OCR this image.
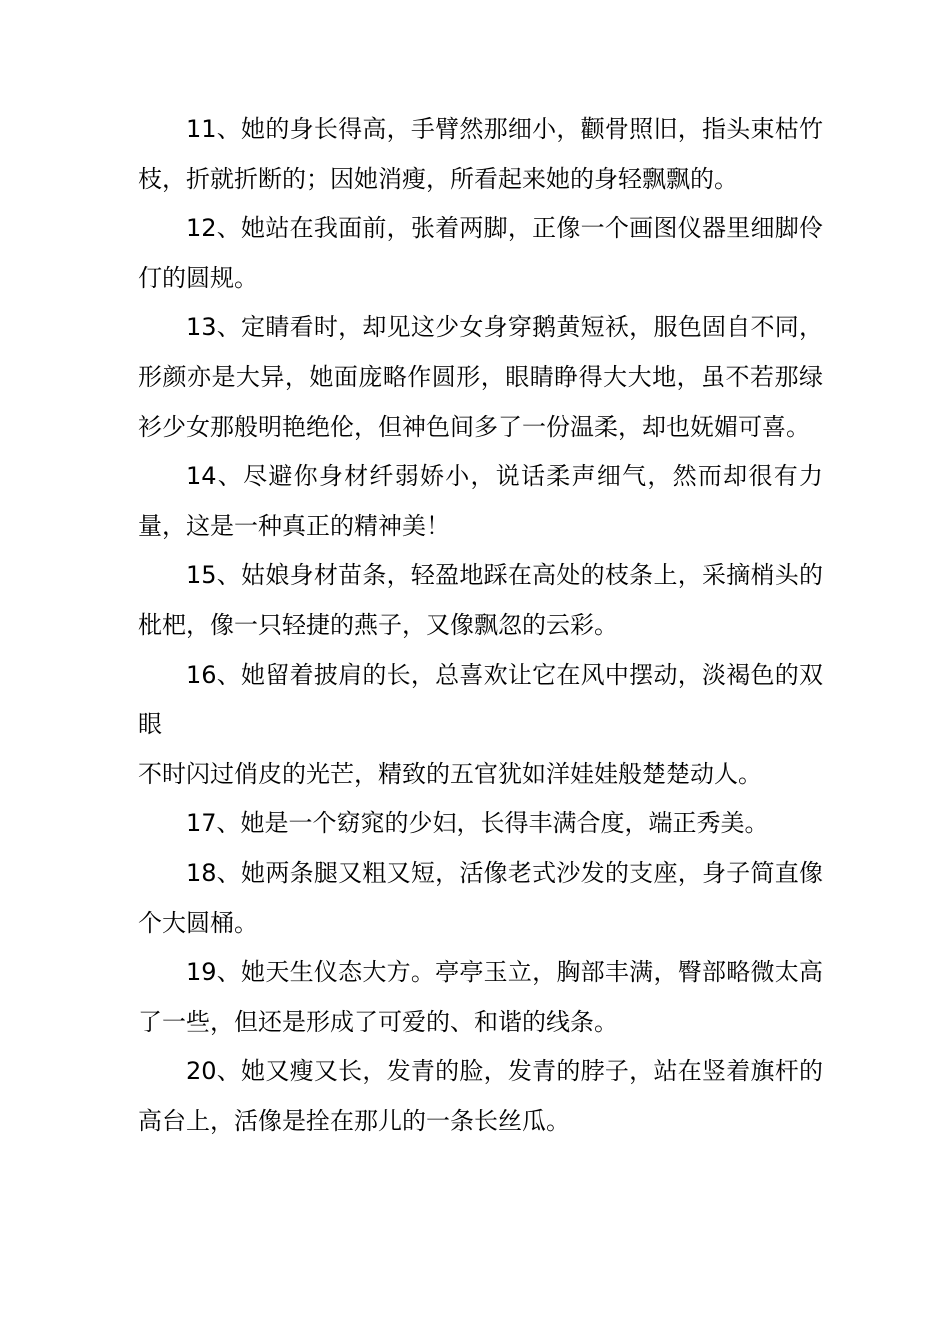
11、她的身长得高，手臂然那细小，颧骨照旧，指头束枯竹枝，折就折断的；因她消瘦，所看起来她的身轻飘飘的。

12、她站在我面前，张着两脚，正像一个画图仪器里细脚伶仃的圆规。

13、定睛看时，却见这少女身穿鹅黄短袄，服色固自不同，形颜亦是大异，她面庞略作圆形，眼睛睁得大大地，虽不若那绿衫少女那般明艳绝伦，但神色间多了一份温柔，却也妩媚可喜。

14、尽避你身材纤弱娇小，说话柔声细气，然而却很有力量，这是一种真正的精神美！

15、姑娘身材苗条，轻盈地踩在高处的枝条上，采摘梢头的枇杷，像一只轻捷的燕子，又像飘忽的云彩。

16、她留着披肩的长，总喜欢让它在风中摆动，淡褐色的双眼

不时闪过俏皮的光芒，精致的五官犹如洋娃娃般楚楚动人。

17、她是一个窈窕的少妇，长得丰满合度，端正秀美。

18、她两条腿又粗又短，活像老式沙发的支座，身子简直像个大圆桶。

19、她天生仪态大方。亭亭玉立，胸部丰满，臀部略微太高了一些，但还是形成了可爱的、和谐的线条。

20、她又瘦又长，发青的脸，发青的脖子，站在竖着旗杆的高台上，活像是拴在那儿的一条长丝瓜。
